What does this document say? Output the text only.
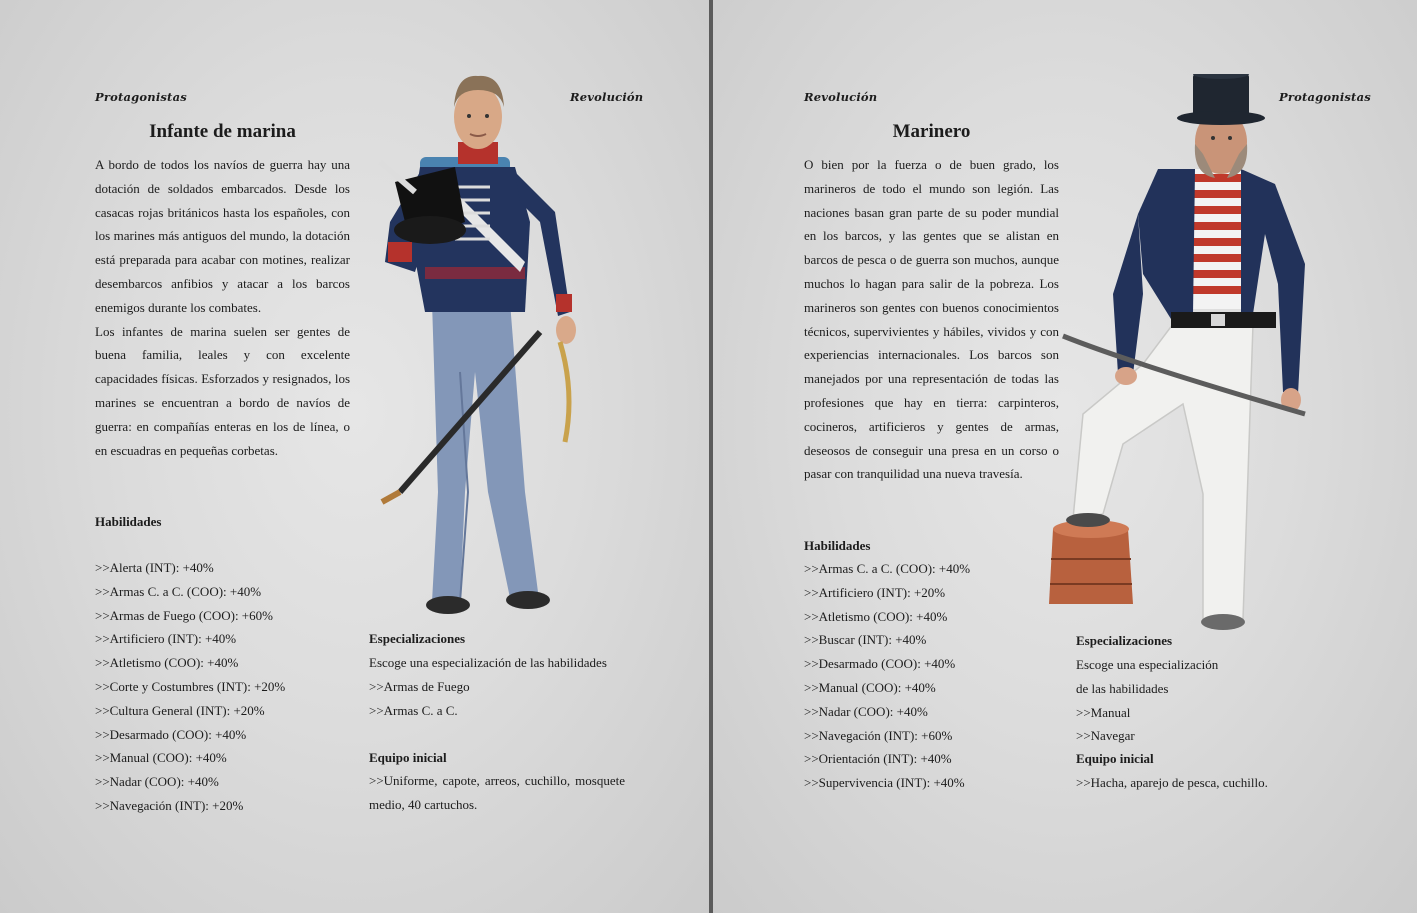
Protagonistas	Revolución
Infante de marina

A bordo de todos los navíos de guerra hay una dotación de soldados embarcados. Desde los casacas rojas británicos hasta los españoles, con los marines más antiguos del mundo, la dotación está preparada para acabar con motines, realizar desembarcos anfibios y atacar a los barcos enemigos durante los combates.

Los infantes de marina suelen ser gentes de buena familia, leales y con excelente capacidades físicas. Esforzados y resignados, los marines se encuentran a bordo de navíos de guerra: en compañías enteras en los de línea, o en escuadras en pequeñas corbetas.

Habilidades
>>Alerta (INT): +40%
>>Armas C. a C. (COO): +40%
>>Armas de Fuego (COO): +60%
>>Artificiero (INT): +40%
>>Atletismo (COO): +40%
>>Corte y Costumbres (INT): +20%
>>Cultura General (INT): +20%
>>Desarmado (COO): +40%
>>Manual (COO): +40%
>>Nadar (COO): +40%
>>Navegación (INT): +20%
Especializaciones
Escoge una especialización de las habilidades
>>Armas de Fuego
>>Armas C. a C.
Equipo inicial
>>Uniforme, capote, arreos, cuchillo, mosquete medio, 40 cartuchos.
Revolución	Protagonistas
Marinero

O bien por la fuerza o de buen grado, los marineros de todo el mundo son legión. Las naciones basan gran parte de su poder mundial en los barcos, y las gentes que se alistan en barcos de pesca o de guerra son muchos, aunque muchos lo hagan para salir de la pobreza. Los marineros son gentes con buenos conocimientos técnicos, supervivientes y hábiles, vividos y con experiencias internacionales. Los barcos son manejados por una representación de todas las profesiones que hay en tierra: carpinteros, cocineros, artificieros y gentes de armas, deseosos de conseguir una presa en un corso o pasar con tranquilidad una nueva travesía.

Habilidades
>>Armas C. a C. (COO): +40%
>>Artificiero (INT): +20%
>>Atletismo (COO): +40%
>>Buscar (INT): +40%
>>Desarmado (COO): +40%
>>Manual (COO): +40%
>>Nadar (COO): +40%
>>Navegación (INT): +60%
>>Orientación (INT): +40%
>>Supervivencia (INT): +40%
Especializaciones
Escoge una especialización
de las habilidades
>>Manual
>>Navegar
Equipo inicial
>>Hacha, aparejo de pesca, cuchillo.
